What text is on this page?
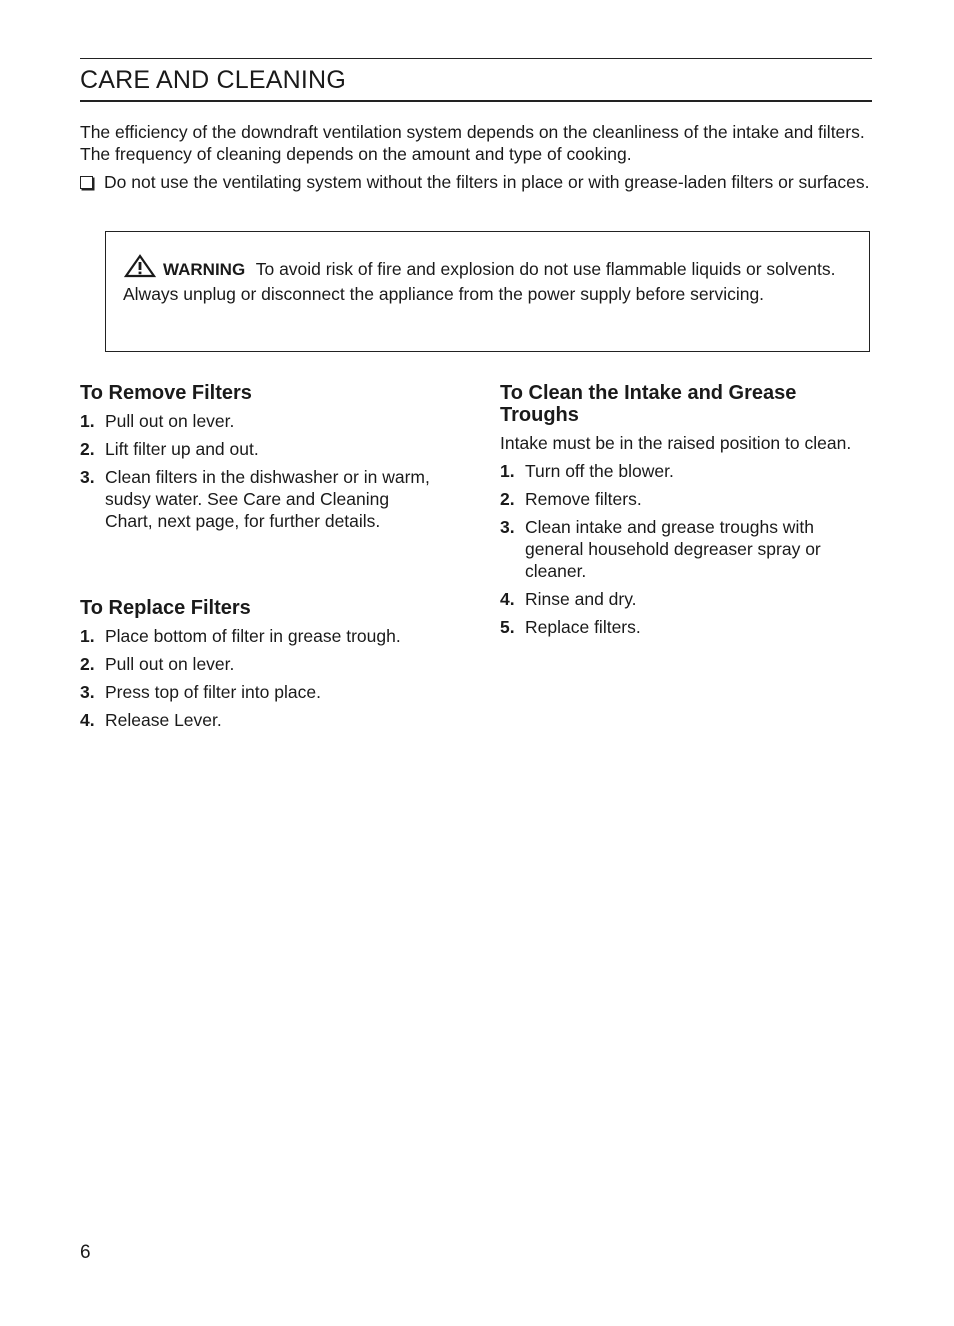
CARE AND CLEANING

The efficiency of the downdraft ventilation system depends on the cleanliness of the intake and filters. The frequency of cleaning depends on the amount and type of cooking.

Do not use the ventilating system without the filters in place or with grease-laden filters or surfaces.
WARNING To avoid risk of fire and explosion do not use flammable liquids or solvents.
Always unplug or disconnect the appliance from the power supply before servicing.
To Remove Filters
1. Pull out on lever.
2. Lift filter up and out.
3. Clean filters in the dishwasher or in warm, sudsy water. See Care and Cleaning Chart, next page, for further details.
To Replace Filters
1. Place bottom of filter in grease trough.
2. Pull out on lever.
3. Press top of filter into place.
4. Release Lever.
To Clean the Intake and Grease Troughs

Intake must be in the raised position to clean.

1. Turn off the blower.
2. Remove filters.
3. Clean intake and grease troughs with general household degreaser spray or cleaner.
4. Rinse and dry.
5. Replace filters.
6
